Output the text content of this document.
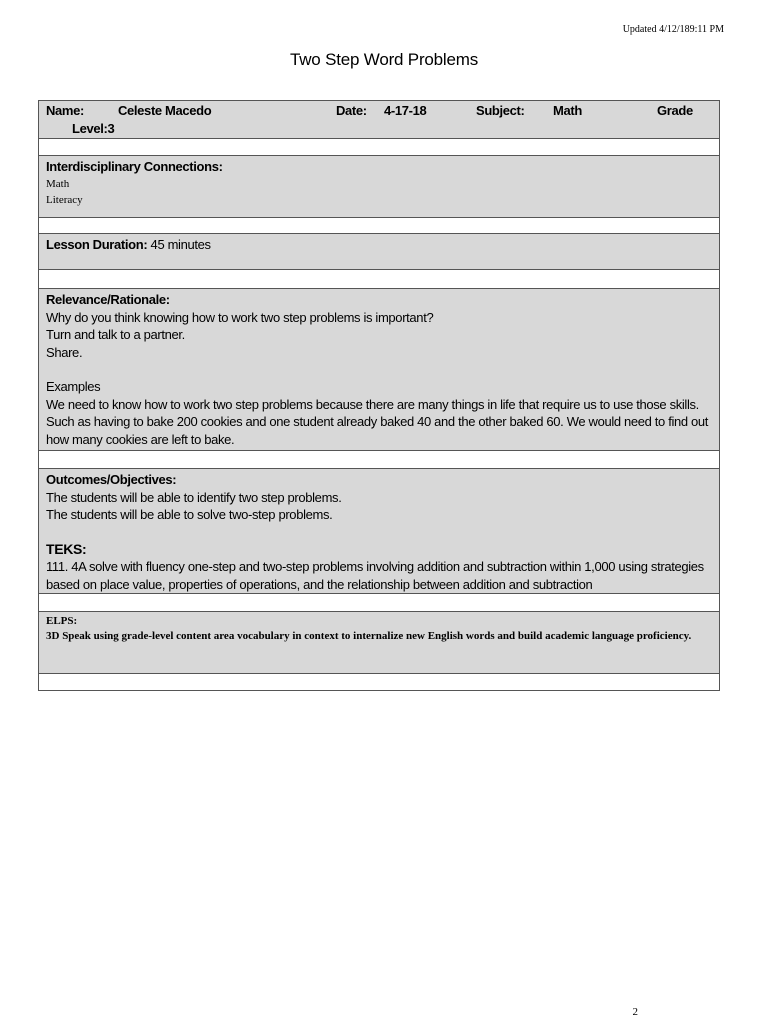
Updated 4/12/189:11 PM
Two Step Word Problems
Name:	Celeste Macedo	Date: 4-17-18	Subject: Math	Grade
Level:3
Interdisciplinary Connections:
Math
Literacy
Lesson Duration: 45 minutes
Relevance/Rationale:
Why do you think knowing how to work two step problems is important?
Turn and talk to a partner.
Share.
Examples
We need to know how to work two step problems because there are many things in life that require us to use those skills. Such as having to bake 200 cookies and one student already baked 40 and the other baked 60. We would need to find out how many cookies are left to bake.
Outcomes/Objectives:
The students will be able to identify two step problems.
The students will be able to solve two-step problems.
TEKS:
111. 4A solve with fluency one-step and two-step problems involving addition and subtraction within 1,000 using strategies based on place value, properties of operations, and the relationship between addition and subtraction
ELPS:
3D Speak using grade-level content area vocabulary in context to internalize new English words and build academic language proficiency.
2
